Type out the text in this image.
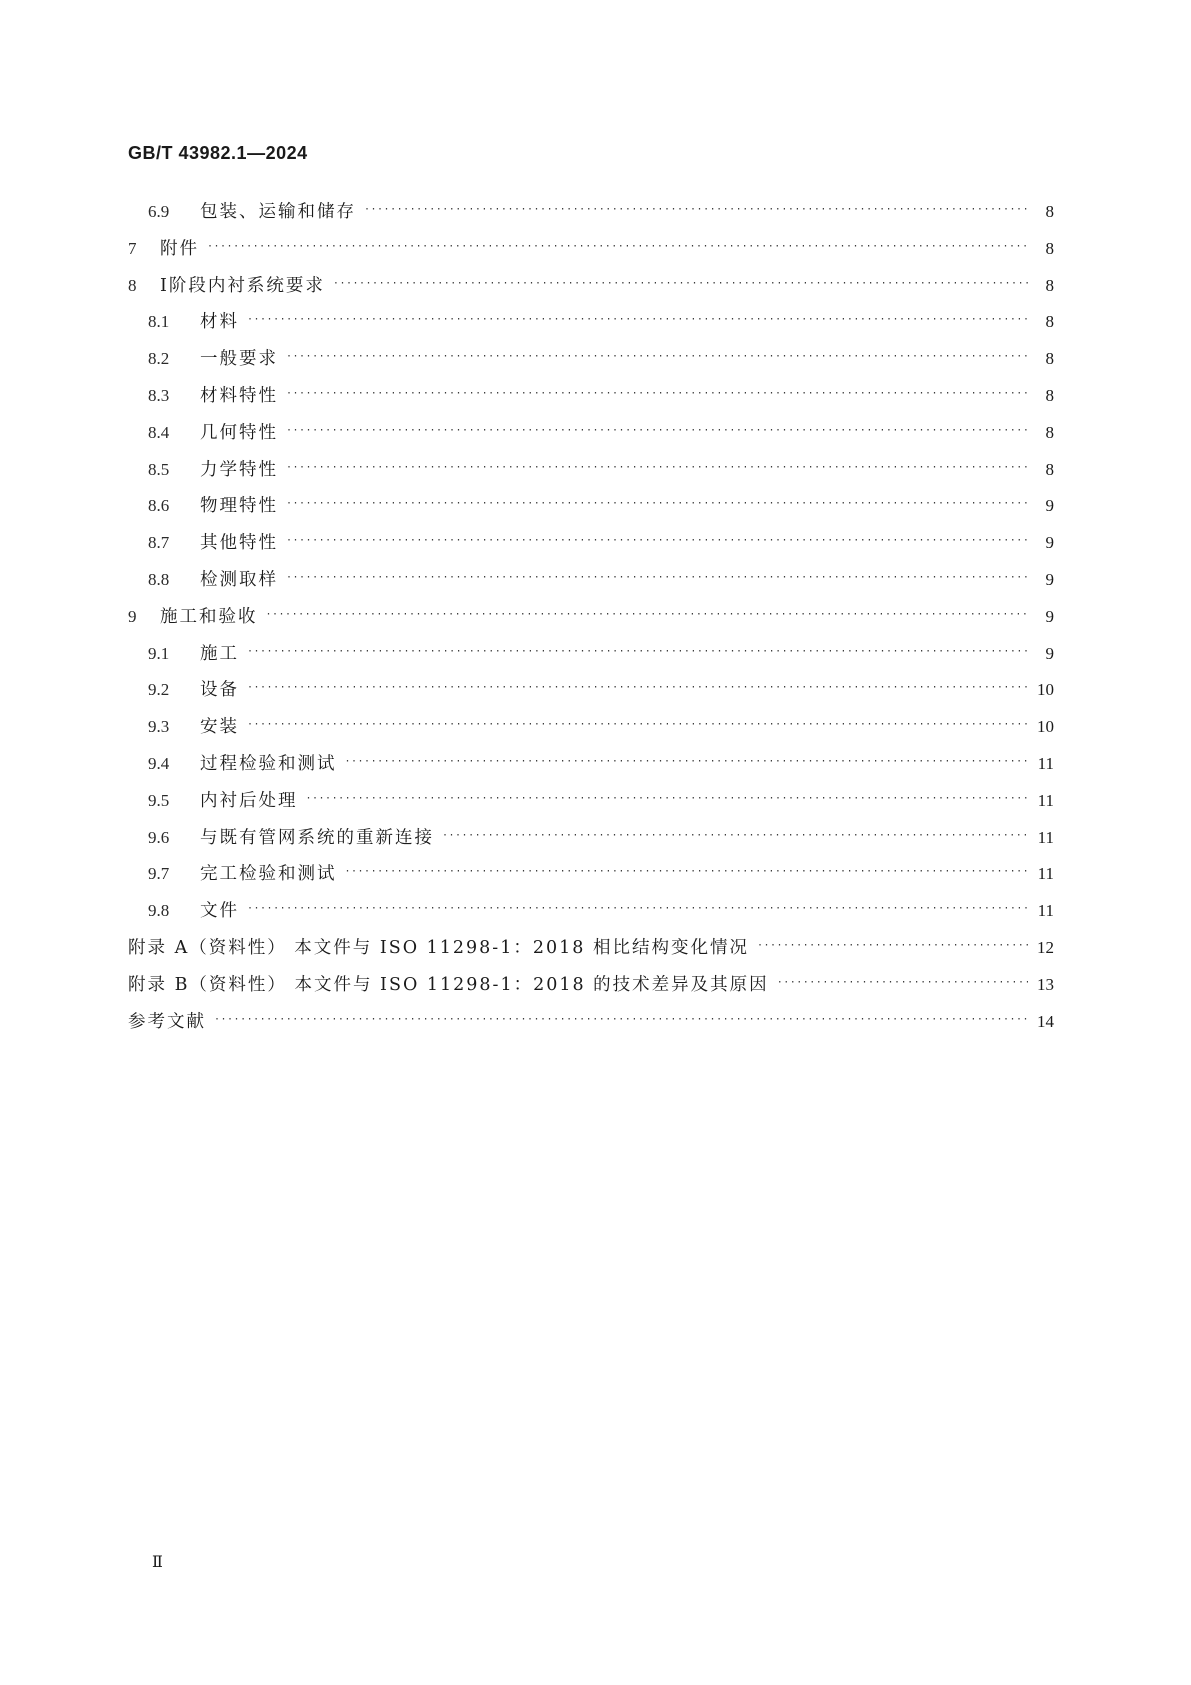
GB/T 43982.1—2024

6.9	包装、运输和储存 ·····	8
7	附件 ·····	8
8	Ⅰ阶段内衬系统要求 ·····	8
8.1	材料 ·····	8
8.2	一般要求 ·····	8
8.3	材料特性 ·····	8
8.4	几何特性 ·····	8
8.5	力学特性 ·····	8
8.6	物理特性 ·····	9
8.7	其他特性 ·····	9
8.8	检测取样 ·····	9
9	施工和验收 ·····	9
9.1	施工 ·····	9
9.2	设备 ·····	10
9.3	安装 ·····	10
9.4	过程检验和测试 ·····	11
9.5	内衬后处理 ·····	11
9.6	与既有管网系统的重新连接 ·····	11
9.7	完工检验和测试 ·····	11
9.8	文件 ·····	11
附录 A（资料性） 本文件与 ISO 11298-1：2018 相比结构变化情况 ·····	12
附录 B（资料性） 本文件与 ISO 11298-1：2018 的技术差异及其原因 ·····	13
参考文献 ·····	14

Ⅱ
